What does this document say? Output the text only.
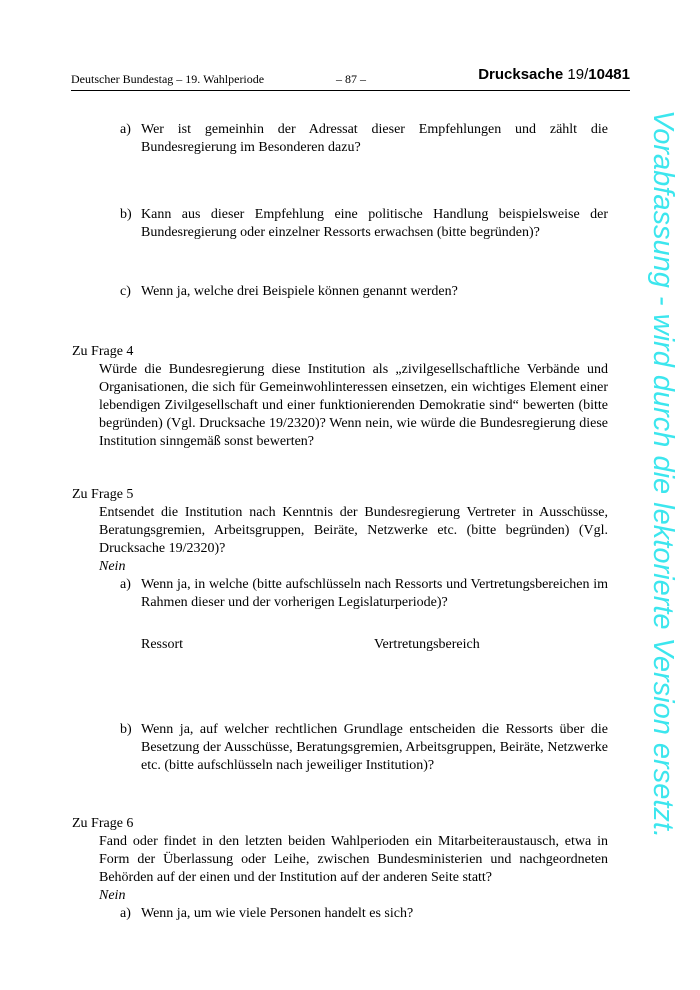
Deutscher Bundestag – 19. Wahlperiode	– 87 –	Drucksache 19/10481
a) Wer ist gemeinhin der Adressat dieser Empfehlungen und zählt die Bundesregierung im Besonderen dazu?
b) Kann aus dieser Empfehlung eine politische Handlung beispielsweise der Bundesregierung oder einzelner Ressorts erwachsen (bitte begründen)?
c) Wenn ja, welche drei Beispiele können genannt werden?
Zu Frage 4
Würde die Bundesregierung diese Institution als „zivilgesellschaftliche Verbände und Organisationen, die sich für Gemeinwohlinteressen einsetzen, ein wichtiges Element einer lebendigen Zivilgesellschaft und einer funktionierenden Demokratie sind“ bewerten (bitte begründen) (Vgl. Drucksache 19/2320)? Wenn nein, wie würde die Bundesregierung diese Institution sinngemäß sonst bewerten?
Zu Frage 5
Entsendet die Institution nach Kenntnis der Bundesregierung Vertreter in Ausschüsse, Beratungsgremien, Arbeitsgruppen, Beiräte, Netzwerke etc. (bitte begründen) (Vgl. Drucksache 19/2320)?
Nein
a) Wenn ja, in welche (bitte aufschlüsseln nach Ressorts und Vertretungsbereichen im Rahmen dieser und der vorherigen Legislaturperiode)?
Ressort	Vertretungsbereich
b) Wenn ja, auf welcher rechtlichen Grundlage entscheiden die Ressorts über die Besetzung der Ausschüsse, Beratungsgremien, Arbeitsgruppen, Beiräte, Netzwerke etc. (bitte aufschlüsseln nach jeweiliger Institution)?
Zu Frage 6
Fand oder findet in den letzten beiden Wahlperioden ein Mitarbeiteraustausch, etwa in Form der Überlassung oder Leihe, zwischen Bundesministerien und nachgeordneten Behörden auf der einen und der Institution auf der anderen Seite statt?
Nein
a) Wenn ja, um wie viele Personen handelt es sich?
Vorabfassung - wird durch die lektorierte Version ersetzt.
